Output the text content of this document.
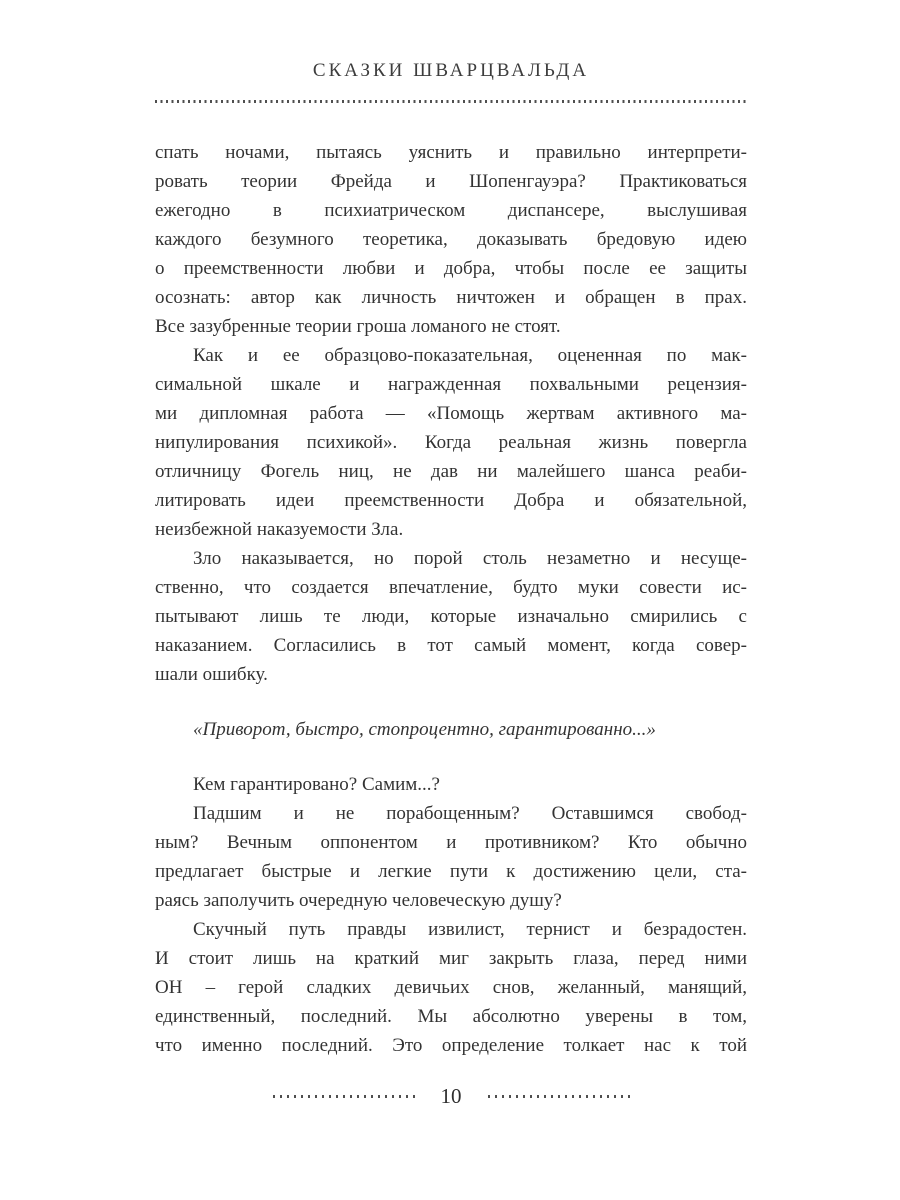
СКАЗКИ ШВАРЦВАЛЬДА
спать ночами, пытаясь уяснить и правильно интерпрети-
ровать теории Фрейда и Шопенгауэра? Практиковаться
ежегодно в психиатрическом диспансере, выслушивая
каждого безумного теоретика, доказывать бредовую идею
о преемственности любви и добра, чтобы после ее защиты
осознать: автор как личность ничтожен и обращен в прах.
Все зазубренные теории гроша ломаного не стоят.
Как и ее образцово-показательная, оцененная по мак-
симальной шкале и награжденная похвальными рецензия-
ми дипломная работа — «Помощь жертвам активного ма-
нипулирования психикой». Когда реальная жизнь повергла
отличницу Фогель ниц, не дав ни малейшего шанса реаби-
литировать идеи преемственности Добра и обязательной,
неизбежной наказуемости Зла.
Зло наказывается, но порой столь незаметно и несуще-
ственно, что создается впечатление, будто муки совести ис-
пытывают лишь те люди, которые изначально смирились с
наказанием. Согласились в тот самый момент, когда совер-
шали ошибку.
«Приворот, быстро, стопроцентно, гарантированно...»
Кем гарантировано? Самим...?
Падшим и не порабощенным? Оставшимся свобод-
ным? Вечным оппонентом и противником? Кто обычно
предлагает быстрые и легкие пути к достижению цели, ста-
раясь заполучить очередную человеческую душу?
Скучный путь правды извилист, тернист и безрадостен.
И стоит лишь на краткий миг закрыть глаза, перед ними
ОН – герой сладких девичьих снов, желанный, манящий,
единственный, последний. Мы абсолютно уверены в том,
что именно последний. Это определение толкает нас к той
10
